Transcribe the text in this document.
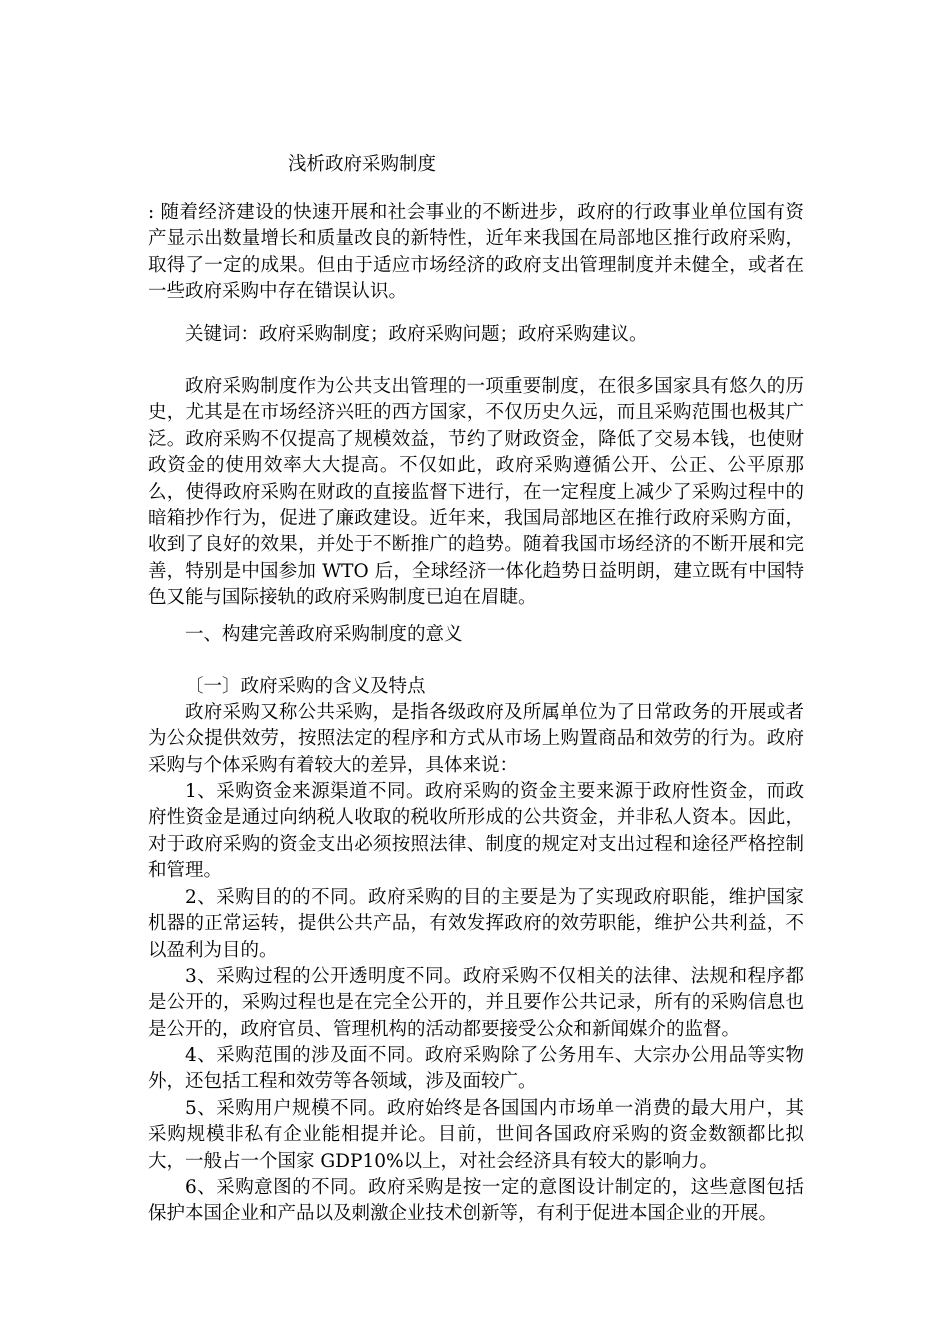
浅析政府采购制度
: 随着经济建设的快速开展和社会事业的不断进步，政府的行政事业单位国有资产显示出数量增长和质量改良的新特性，近年来我国在局部地区推行政府采购，取得了一定的成果。但由于适应市场经济的政府支出管理制度并未健全，或者在一些政府采购中存在错误认识。
关键词：政府采购制度；政府采购问题；政府采购建议。
政府采购制度作为公共支出管理的一项重要制度，在很多国家具有悠久的历史，尤其是在市场经济兴旺的西方国家，不仅历史久远，而且采购范围也极其广泛。政府采购不仅提高了规模效益，节约了财政资金，降低了交易本钱，也使财政资金的使用效率大大提高。不仅如此，政府采购遵循公开、公正、公平原那么，使得政府采购在财政的直接监督下进行，在一定程度上减少了采购过程中的暗箱抄作行为，促进了廉政建设。近年来，我国局部地区在推行政府采购方面，收到了良好的效果，并处于不断推广的趋势。随着我国市场经济的不断开展和完善，特别是中国参加 WTO 后，全球经济一体化趋势日益明朗，建立既有中国特色又能与国际接轨的政府采购制度已迫在眉睫。
一、构建完善政府采购制度的意义
〔一〕政府采购的含义及特点
政府采购又称公共采购，是指各级政府及所属单位为了日常政务的开展或者为公众提供效劳，按照法定的程序和方式从市场上购置商品和效劳的行为。政府采购与个体采购有着较大的差异，具体来说：
1、采购资金来源渠道不同。政府采购的资金主要来源于政府性资金，而政府性资金是通过向纳税人收取的税收所形成的公共资金，并非私人资本。因此，对于政府采购的资金支出必须按照法律、制度的规定对支出过程和途径严格控制和管理。
2、采购目的的不同。政府采购的目的主要是为了实现政府职能，维护国家机器的正常运转，提供公共产品，有效发挥政府的效劳职能，维护公共利益，不以盈利为目的。
3、采购过程的公开透明度不同。政府采购不仅相关的法律、法规和程序都是公开的，采购过程也是在完全公开的，并且要作公共记录，所有的采购信息也是公开的，政府官员、管理机构的活动都要接受公众和新闻媒介的监督。
4、采购范围的涉及面不同。政府采购除了公务用车、大宗办公用品等实物外，还包括工程和效劳等各领域，涉及面较广。
5、采购用户规模不同。政府始终是各国国内市场单一消费的最大用户，其采购规模非私有企业能相提并论。目前，世间各国政府采购的资金数额都比拟大，一般占一个国家 GDP10%以上，对社会经济具有较大的影响力。
6、采购意图的不同。政府采购是按一定的意图设计制定的，这些意图包括保护本国企业和产品以及刺激企业技术创新等，有利于促进本国企业的开展。
